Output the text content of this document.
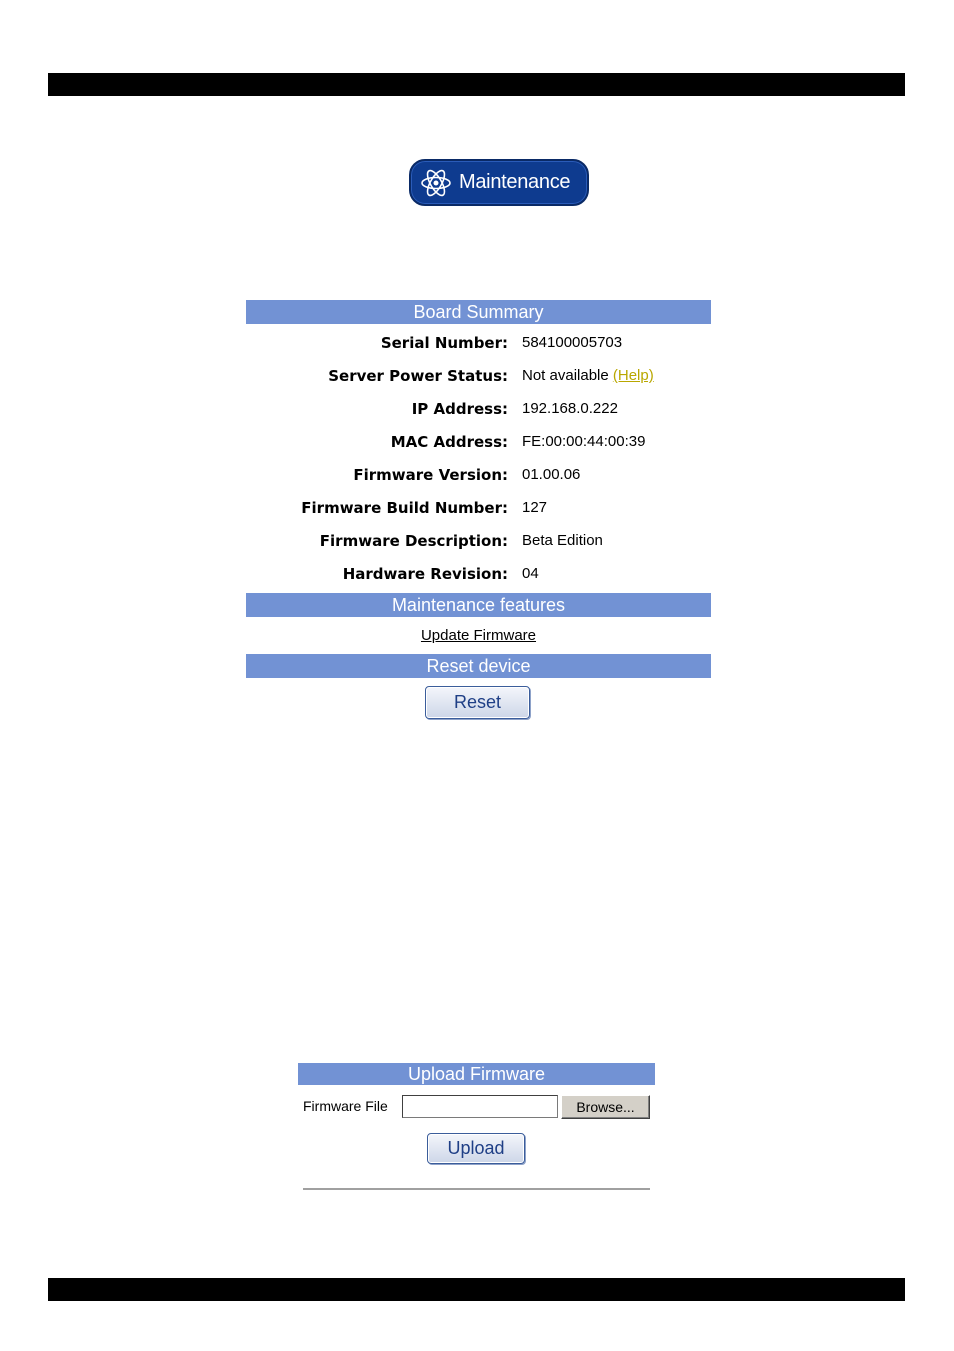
Maintenance
Board Summary
Serial Number: 584100005703
Server Power Status: Not available (Help)
IP Address: 192.168.0.222
MAC Address: FE:00:00:44:00:39
Firmware Version: 01.00.06
Firmware Build Number: 127
Firmware Description: Beta Edition
Hardware Revision: 04
Maintenance features
Update Firmware
Reset device
Reset
Upload Firmware
Firmware File	Browse...
Upload
